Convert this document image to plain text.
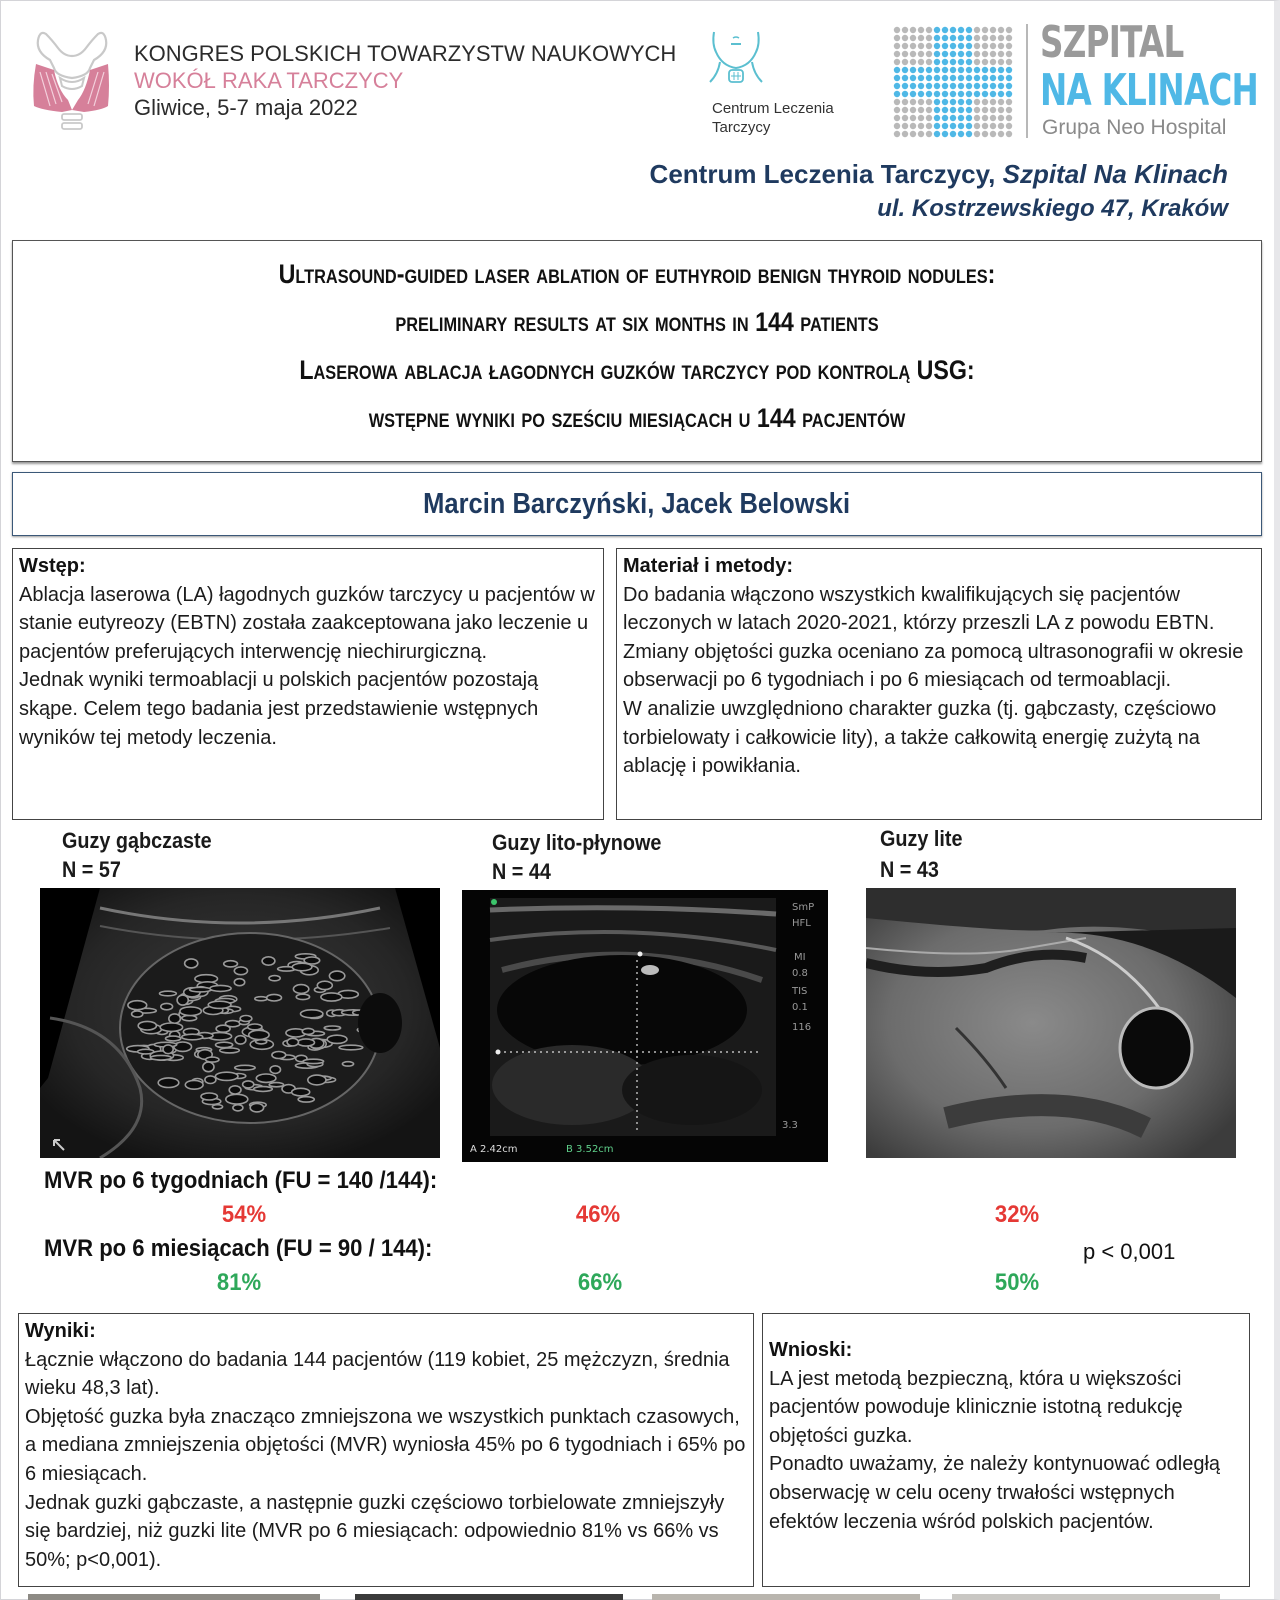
KONGRES POLSKICH TOWARZYSTW NAUKOWYCH
WOKÓŁ RAKA TARCZYCY
Gliwice, 5-7 maja 2022	Centrum Leczenia
Tarczycy
SZPITAL
NA KLINACH
Grupa Neo Hospital
Centrum Leczenia Tarczycy, Szpital Na Klinach
ul. Kostrzewskiego 47, Kraków
Ultrasound-guided laser ablation of euthyroid benign thyroid nodules:
preliminary results at six months in 144 patients
Laserowa ablacja łagodnych guzków tarczycy pod kontrolą USG:
wstępne wyniki po sześciu miesiącach u 144 pacjentów
Marcin Barczyński, Jacek Belowski
Wstęp:

Ablacja laserowa (LA) łagodnych guzków tarczycy u pacjentów w stanie eutyreozy (EBTN) została zaakceptowana jako leczenie u pacjentów preferujących interwencję niechirurgiczną.

Jednak wyniki termoablacji u polskich pacjentów pozostają skąpe. Celem tego badania jest przedstawienie wstępnych wyników tej metody leczenia.

Materiał i metody:

Do badania włączono wszystkich kwalifikujących się pacjentów leczonych w latach 2020-2021, którzy przeszli LA z powodu EBTN. Zmiany objętości guzka oceniano za pomocą ultrasonografii w okresie obserwacji po 6 tygodniach i po 6 miesiącach od termoablacji.

W analizie uwzględniono charakter guzka (tj. gąbczasty, częściowo torbielowaty i całkowicie lity), a także całkowitą energię zużytą na ablację i powikłania.

Guzy gąbczaste
N = 57
Guzy lito-płynowe
N = 44
Guzy lite
N = 43
SmP
HFL
MI
0.8
TIS
0.1
116
3.3
A 2.42cm	B 3.52cm
MVR po 6 tygodniach (FU = 140 /144):
54%	46%	32%
MVR po 6 miesiącach (FU = 90 / 144):	p < 0,001
81%	66%	50%
Wyniki:

Łącznie włączono do badania 144 pacjentów (119 kobiet, 25 mężczyzn, średnia wieku 48,3 lat).

Objętość guzka była znacząco zmniejszona we wszystkich punktach czasowych, a mediana zmniejszenia objętości (MVR) wyniosła 45% po 6 tygodniach i 65% po 6 miesiącach.

Jednak guzki gąbczaste, a następnie guzki częściowo torbielowate zmniejszyły się bardziej, niż guzki lite (MVR po 6 miesiącach: odpowiednio 81% vs 66% vs 50%; p<0,001).

Wnioski:

LA jest metodą bezpieczną, która u większości pacjentów powoduje klinicznie istotną redukcję objętości guzka.

Ponadto uważamy, że należy kontynuować odległą obserwację w celu oceny trwałości wstępnych efektów leczenia wśród polskich pacjentów.
